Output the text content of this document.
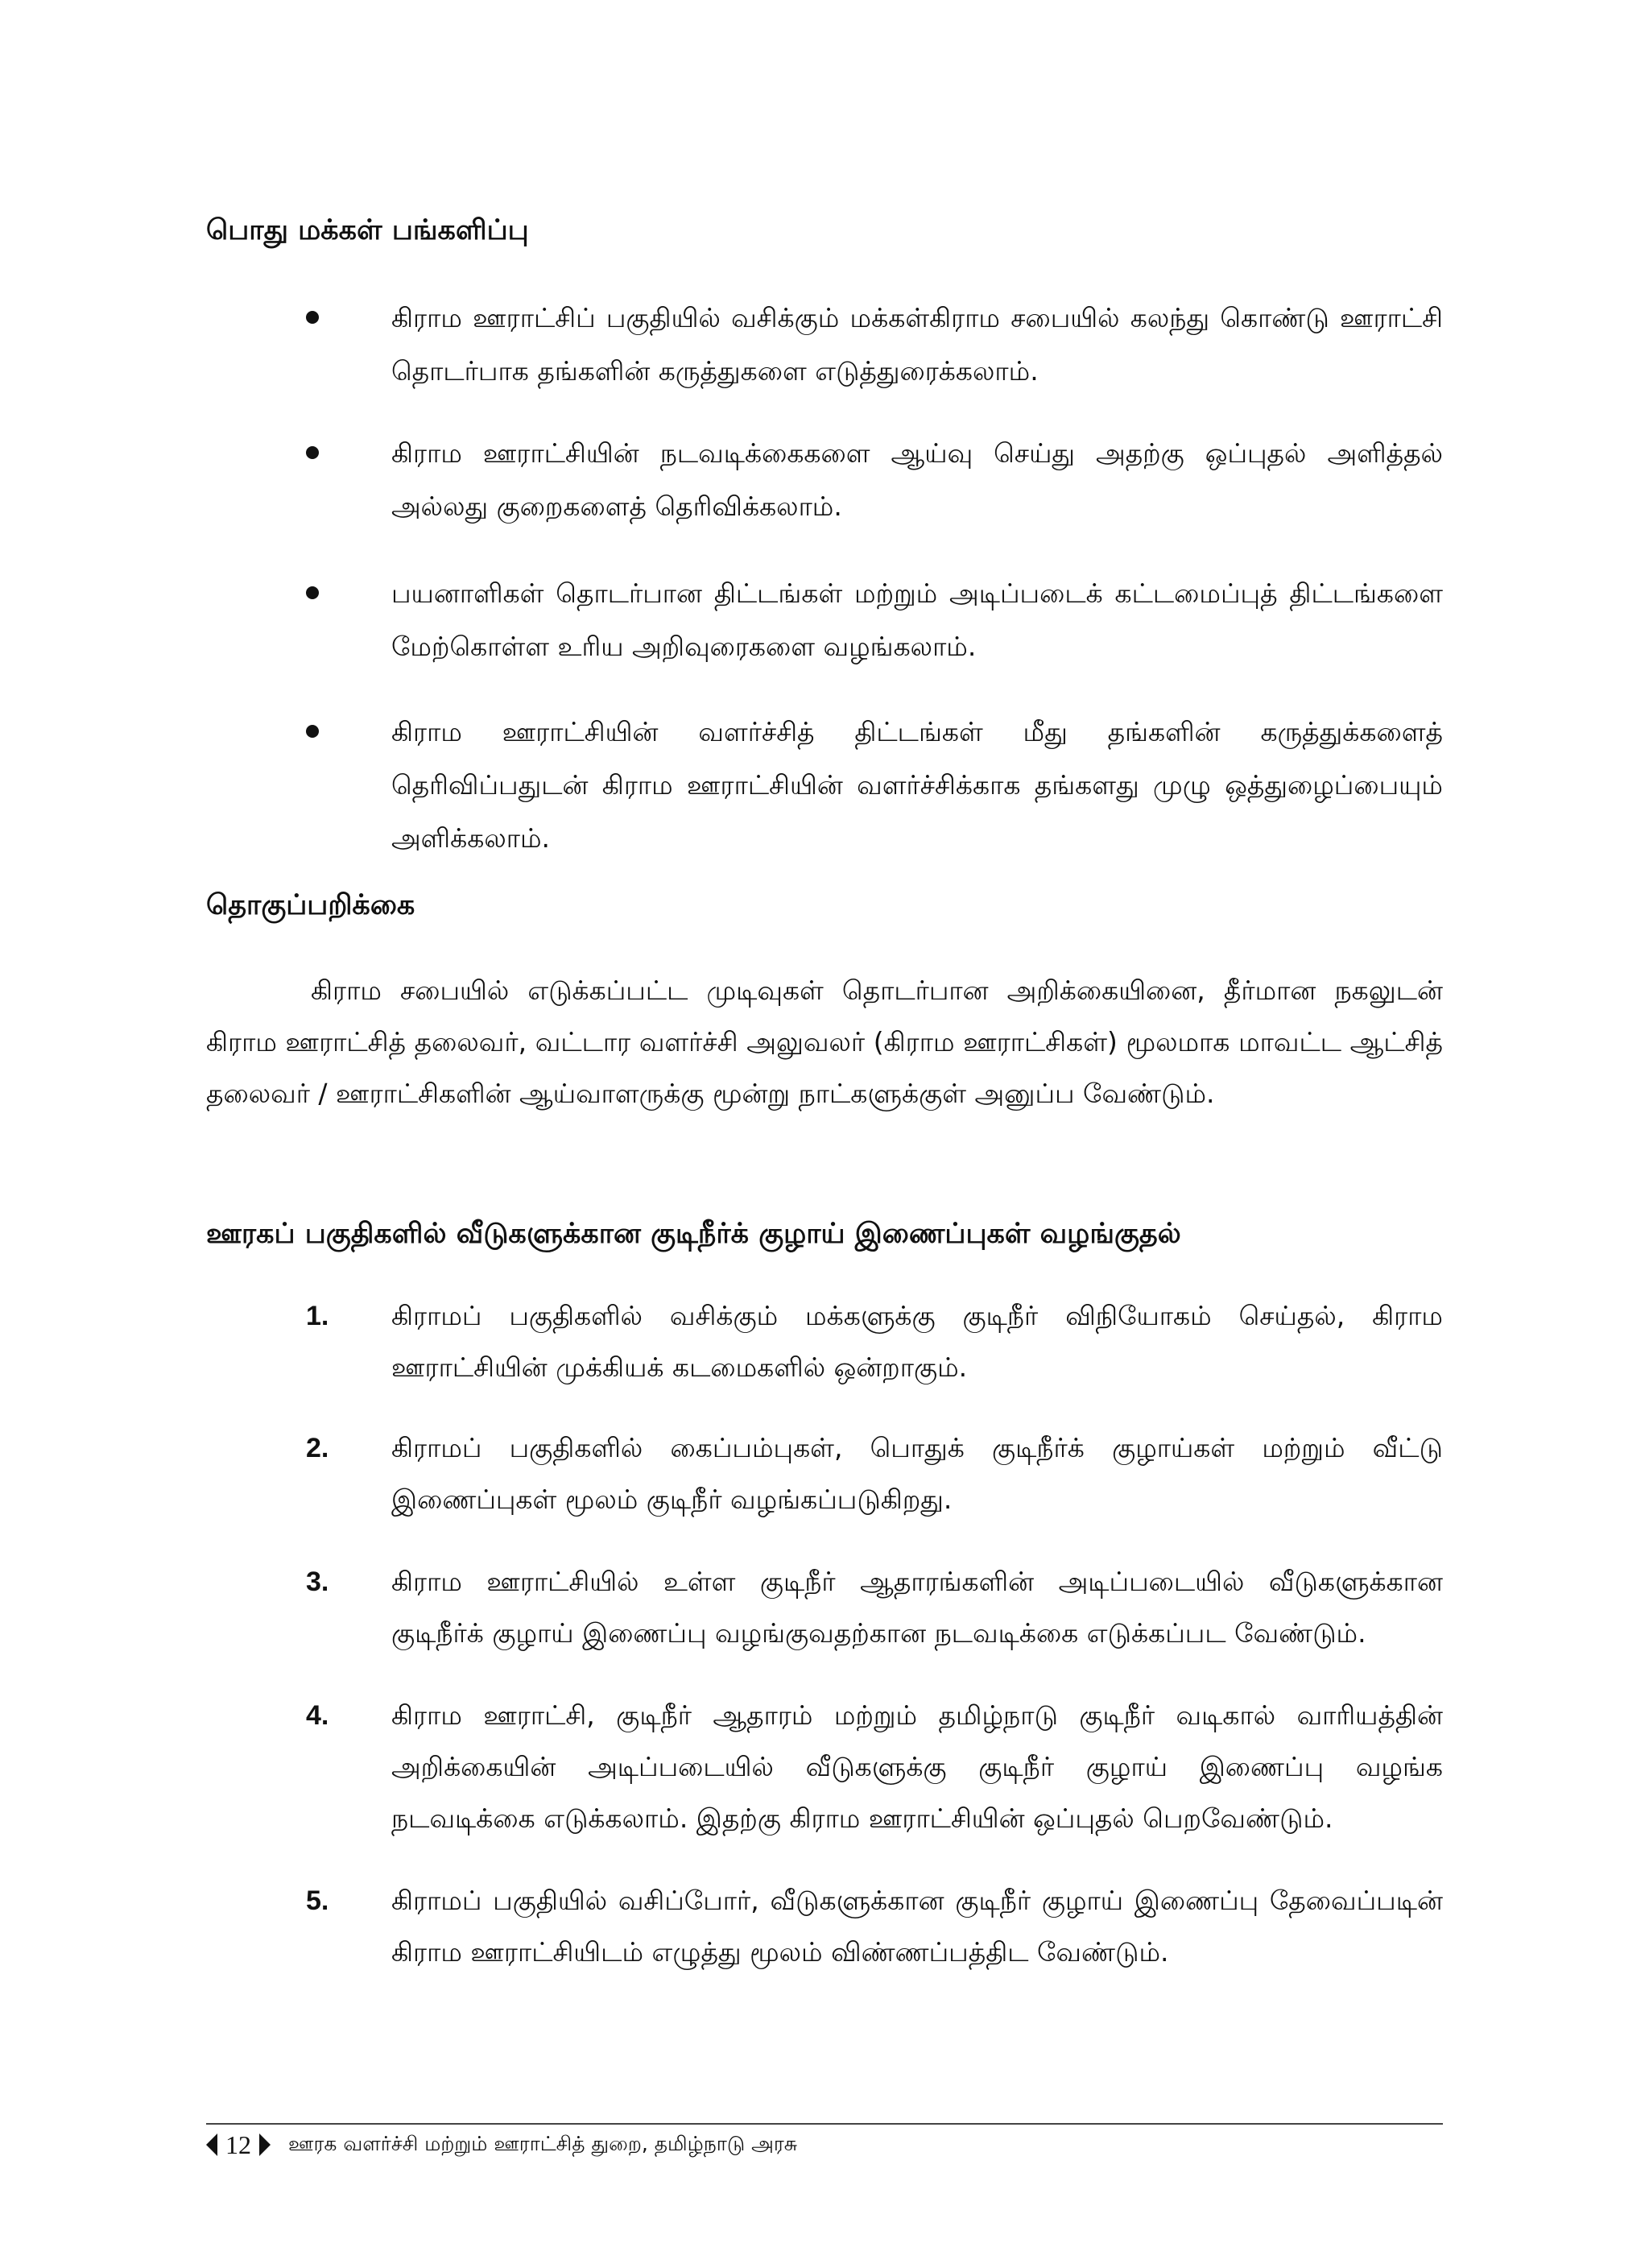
பொது மக்கள் பங்களிப்பு
கிராம ஊராட்சிப் பகுதியில் வசிக்கும் மக்கள்கிராம சபையில் கலந்து கொண்டு ஊராட்சி தொடர்பாக தங்களின் கருத்துகளை எடுத்துரைக்கலாம்.
கிராம ஊராட்சியின் நடவடிக்கைகளை ஆய்வு செய்து அதற்கு ஒப்புதல் அளித்தல் அல்லது குறைகளைத் தெரிவிக்கலாம்.
பயனாளிகள் தொடர்பான திட்டங்கள் மற்றும் அடிப்படைக் கட்டமைப்புத் திட்டங்களை மேற்கொள்ள உரிய அறிவுரைகளை வழங்கலாம்.
கிராம ஊராட்சியின் வளர்ச்சித் திட்டங்கள் மீது தங்களின் கருத்துக்களைத் தெரிவிப்பதுடன் கிராம ஊராட்சியின் வளர்ச்சிக்காக தங்களது முழு ஒத்துழைப்பையும் அளிக்கலாம்.
தொகுப்பறிக்கை

கிராம சபையில் எடுக்கப்பட்ட முடிவுகள் தொடர்பான அறிக்கையினை, தீர்மான நகலுடன் கிராம ஊராட்சித் தலைவர், வட்டார வளர்ச்சி அலுவலர் (கிராம ஊராட்சிகள்) மூலமாக மாவட்ட ஆட்சித் தலைவர் / ஊராட்சிகளின் ஆய்வாளருக்கு மூன்று நாட்களுக்குள் அனுப்ப வேண்டும்.

ஊரகப் பகுதிகளில் வீடுகளுக்கான குடிநீர்க் குழாய் இணைப்புகள் வழங்குதல்
1. கிராமப் பகுதிகளில் வசிக்கும் மக்களுக்கு குடிநீர் விநியோகம் செய்தல், கிராம ஊராட்சியின் முக்கியக் கடமைகளில் ஒன்றாகும்.
2. கிராமப் பகுதிகளில் கைப்பம்புகள், பொதுக் குடிநீர்க் குழாய்கள் மற்றும் வீட்டு இணைப்புகள் மூலம் குடிநீர் வழங்கப்படுகிறது.
3. கிராம ஊராட்சியில் உள்ள குடிநீர் ஆதாரங்களின் அடிப்படையில் வீடுகளுக்கான குடிநீர்க் குழாய் இணைப்பு வழங்குவதற்கான நடவடிக்கை எடுக்கப்பட வேண்டும்.
4. கிராம ஊராட்சி, குடிநீர் ஆதாரம் மற்றும் தமிழ்நாடு குடிநீர் வடிகால் வாரியத்தின் அறிக்கையின் அடிப்படையில் வீடுகளுக்கு குடிநீர் குழாய் இணைப்பு வழங்க நடவடிக்கை எடுக்கலாம். இதற்கு கிராம ஊராட்சியின் ஒப்புதல் பெறவேண்டும்.
5. கிராமப் பகுதியில் வசிப்போர், வீடுகளுக்கான குடிநீர் குழாய் இணைப்பு தேவைப்படின் கிராம ஊராட்சியிடம் எழுத்து மூலம் விண்ணப்பத்திட வேண்டும்.
12 ஊரக வளர்ச்சி மற்றும் ஊராட்சித் துறை, தமிழ்நாடு அரசு
